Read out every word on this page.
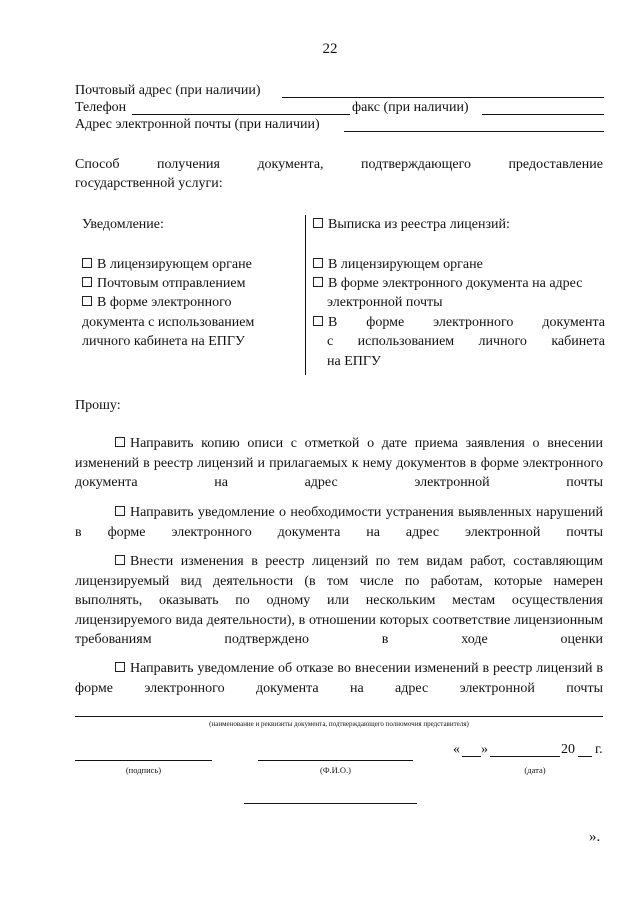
22
Почтовый адрес (при наличии)
Телефон	факс (при наличии)
Адрес электронной почты (при наличии)
Способ	получения	документа,	подтверждающего	предоставление
государственной услуги:
Уведомление:
В лицензирующем органе
Почтовым отправлением
В форме электронного
документа с использованием
личного кабинета на ЕПГУ
Выписка из реестра лицензий:
В лицензирующем органе
В форме электронного документа на адрес
электронной почты
В форме электронного документа
с использованием личного кабинета
на ЕПГУ
Прошу:
Направить копию описи с отметкой о дате приема заявления о внесении изменений в реестр лицензий и прилагаемых к нему документов в форме электронного документа на адрес электронной почты
Направить уведомление о необходимости устранения выявленных нарушений в форме электронного документа на адрес электронной почты
Внести изменения в реестр лицензий по тем видам работ, составляющим лицензируемый вид деятельности (в том числе по работам, которые намерен выполнять, оказывать по одному или нескольким местам осуществления лицензируемого вида деятельности), в отношении которых соответствие лицензионным требованиям подтверждено в ходе оценки
Направить уведомление об отказе во внесении изменений в реестр лицензий в форме электронного документа на адрес электронной почты
(наименование и реквизиты документа, подтверждающего полномочия представителя)
(подпись)	(Ф.И.О.)
« »	20 г.
(дата)
».
